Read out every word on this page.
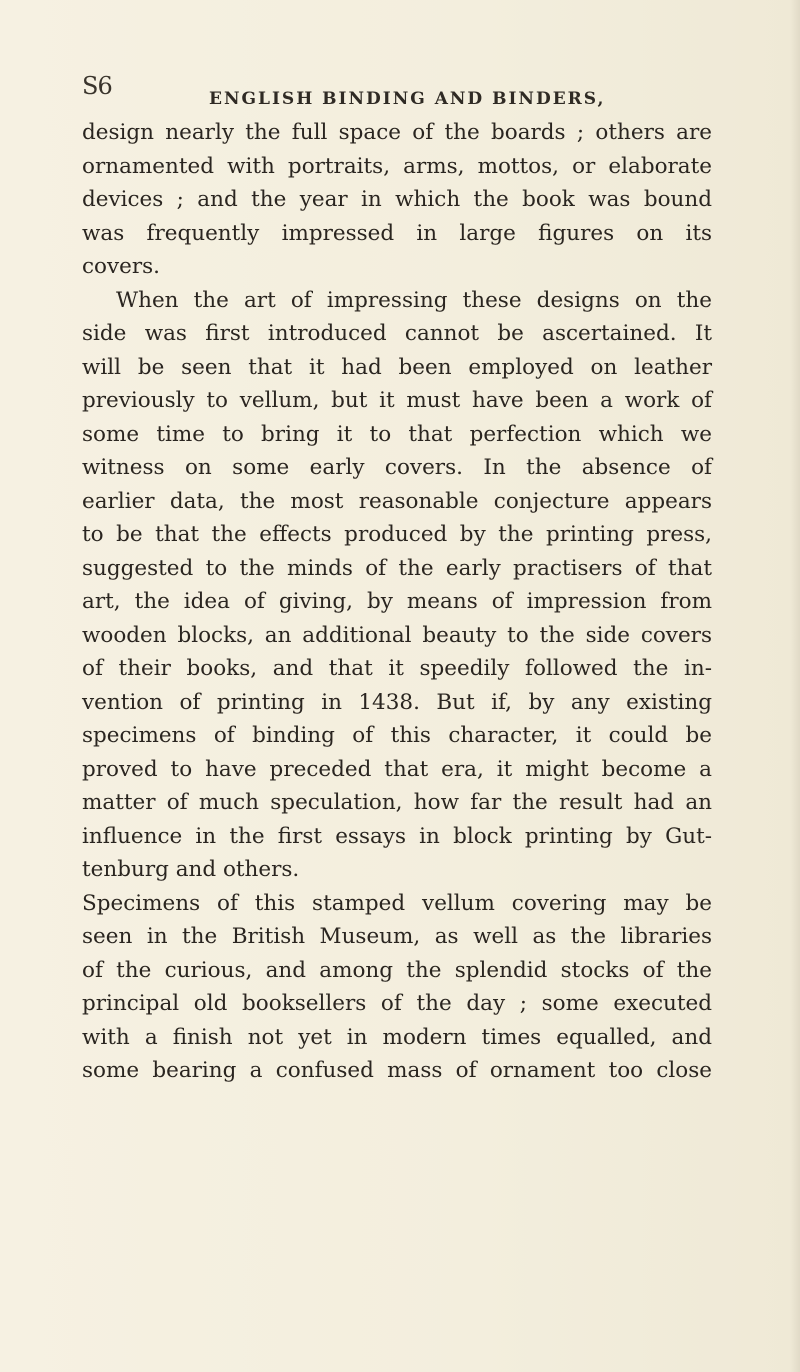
S6	ENGLISH BINDING AND BINDERS,
design nearly the full space of the boards ; others are
ornamented with portraits, arms, mottos, or elaborate
devices ; and the year in which the book was bound
was frequently impressed in large figures on its
covers.
When the art of impressing these designs on the
side was first introduced cannot be ascertained. It
will be seen that it had been employed on leather
previously to vellum, but it must have been a work of
some time to bring it to that perfection which we
witness on some early covers. In the absence of
earlier data, the most reasonable conjecture appears
to be that the effects produced by the printing press,
suggested to the minds of the early practisers of that
art, the idea of giving, by means of impression from
wooden blocks, an additional beauty to the side covers
of their books, and that it speedily followed the in-
vention of printing in 1438. But if, by any existing
specimens of binding of this character, it could be
proved to have preceded that era, it might become a
matter of much speculation, how far the result had an
influence in the first essays in block printing by Gut-
tenburg and others.
Specimens of this stamped vellum covering may be
seen in the British Museum, as well as the libraries
of the curious, and among the splendid stocks of the
principal old booksellers of the day ; some executed
with a finish not yet in modern times equalled, and
some bearing a confused mass of ornament too close
